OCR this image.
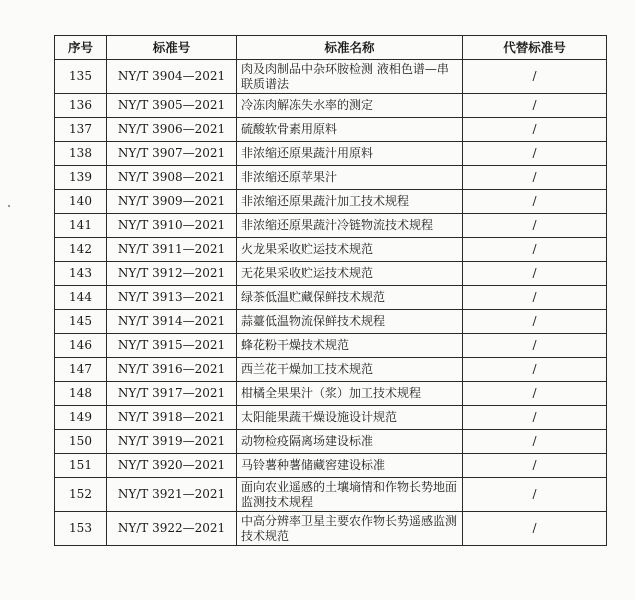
序号	标准号	标准名称	代替标准号
135	NY/T 3904—2021	肉及肉制品中杂环胺检测 液相色谱—串联质谱法	/
136	NY/T 3905—2021	冷冻肉解冻失水率的测定	/
137	NY/T 3906—2021	硫酸软骨素用原料	/
138	NY/T 3907—2021	非浓缩还原果蔬汁用原料	/
139	NY/T 3908—2021	非浓缩还原苹果汁	/
140	NY/T 3909—2021	非浓缩还原果蔬汁加工技术规程	/
141	NY/T 3910—2021	非浓缩还原果蔬汁冷链物流技术规程	/
142	NY/T 3911—2021	火龙果采收贮运技术规范	/
143	NY/T 3912—2021	无花果采收贮运技术规范	/
144	NY/T 3913—2021	绿茶低温贮藏保鲜技术规范	/
145	NY/T 3914—2021	蒜薹低温物流保鲜技术规程	/
146	NY/T 3915—2021	蜂花粉干燥技术规范	/
147	NY/T 3916—2021	西兰花干燥加工技术规范	/
148	NY/T 3917—2021	柑橘全果果汁（浆）加工技术规程	/
149	NY/T 3918—2021	太阳能果蔬干燥设施设计规范	/
150	NY/T 3919—2021	动物检疫隔离场建设标准	/
151	NY/T 3920—2021	马铃薯种薯储藏窖建设标准	/
152	NY/T 3921—2021	面向农业遥感的土壤墒情和作物长势地面监测技术规程	/
153	NY/T 3922—2021	中高分辨率卫星主要农作物长势遥感监测技术规范	/
